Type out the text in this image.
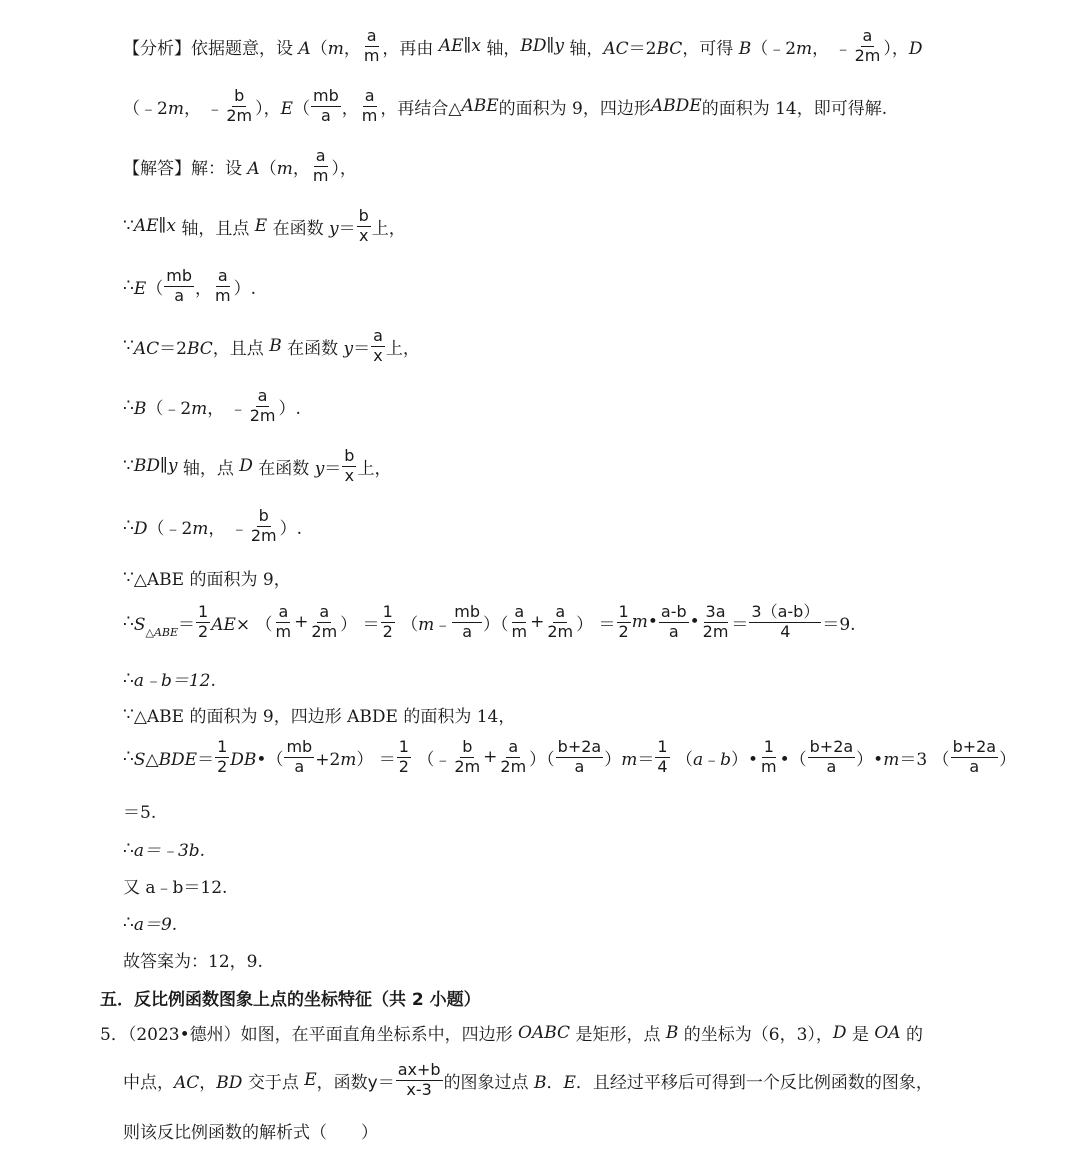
【分析】 依据题意，设 A（m， $\frac{a}{m}$ ，再由 AE∥x 轴， BD∥y 轴， AC＝2BC ，可得 B（﹣2m， ﹣ $\frac{a}{2m}$ ），D
（﹣2m， ﹣ $\frac{b}{2m}$ ），$E( \frac{mb}{a}$ ， $\frac{a}{m}$ ，再结合△ ABE 的面积为 9，四边形 ABDE 的面积为 14，即可得解.
【解答】 解：设 A（m， $\frac{a}{m}$ ），
∵ AE∥x 轴，且点 E 在函数 $y= \frac{b}{x}$ 上，
∴ $E( \frac{mb}{a}$ ， $\frac{a}{m}$ ）.
∵ AC＝2BC ，且点 B 在函数 $y= \frac{a}{x}$ 上，
∴ B（﹣2m， ﹣ $\frac{a}{2m}$ ）.
∵ BD∥y 轴，点 D 在函数 $y= \frac{b}{x}$ 上，
∴ D（﹣2m， ﹣ $\frac{b}{2m}$ ）.
∵ △ABE 的面积为 9，
∴ $S_{\triangle ABE}= \frac{1}{2} AE\times$ （ $\frac{a}{m} + \frac{a}{2m}$ ） ＝ $\frac{1}{2}$ （m﹣ $\frac{mb}{a}$ ）（ $\frac{a}{m} + \frac{a}{2m}$ ） ＝ $\frac{1}{2}$ m• $\frac{a-b}{a}$ • $\frac{3a}{2m} = \frac{3(a-b)}{4} =9$.
∴ a﹣b＝12.
∵ △ABE 的面积为 9，四边形 ABDE 的面积为 14，
∴ S△BDE＝ $\frac{1}{2}$ DB•（ $\frac{mb}{a} +2m) = \frac{1}{2}$ （﹣ $\frac{b}{2m} + \frac{a}{2m}$ ）（ $\frac{b+2a}{a} )m= \frac{1}{4}$ （a﹣b）• $\frac{1}{m}$ •（ $\frac{b+2a}{a}$ ）•m＝3 （ $\frac{b+2a}{a}$ ）
＝5.
∴ a＝﹣3b.
又 a﹣b＝12.
∴ a＝9.
故答案为：12，9.
五．反比例函数图象上点的坐标特征（共 2 小题）
5．（2023•德州）如图，在平面直角坐标系中，四边形 OABC 是矩形，点 B 的坐标为（6，3）， D 是 OA 的
中点， AC，BD 交于点 E ，函数 $y= \frac{ax+b}{x-3}$ 的图象过点 B．E ．且经过平移后可得到一个反比例函数的图象，
则该反比例函数的解析式（　　）
